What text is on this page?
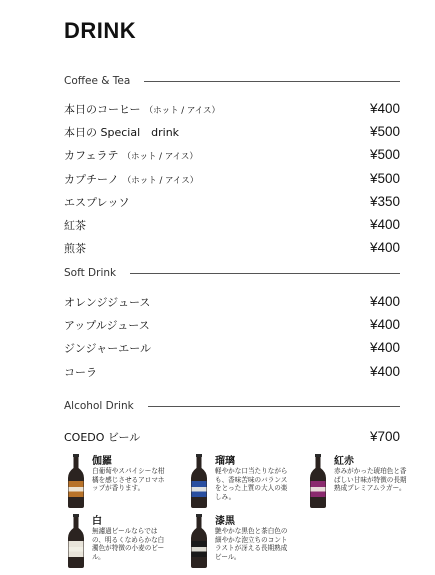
DRINK
Coffee & Tea
本日のコーヒー （ホット / アイス）	¥400
本日の Special　drink	¥500
カフェラテ （ホット / アイス）	¥500
カプチーノ （ホット / アイス）	¥500
エスプレッソ	¥350
紅茶	¥400
煎茶	¥400
Soft Drink
オレンジジュース	¥400
アップルジュース	¥400
ジンジャーエール	¥400
コーラ	¥400
Alcohol Drink
COEDO ビール	¥700
伽羅
白葡萄やスパイシーな柑橘を感じさせるアロマホップが香ります。
瑠璃
軽やかな口当たりながらも、香味苦味のバランスをとった上質の大人の楽しみ。
紅赤
赤みがかった琥珀色と香ばしい甘味が特徴の長期熟成プレミアムラガー。
白
無濾過ビールならではの、明るくなめらかな白濁色が特徴の小麦のビール。
漆黒
艶やかな黒色と茶白色の細やかな泡立ちのコントラストが冴える長期熟成ビール。
